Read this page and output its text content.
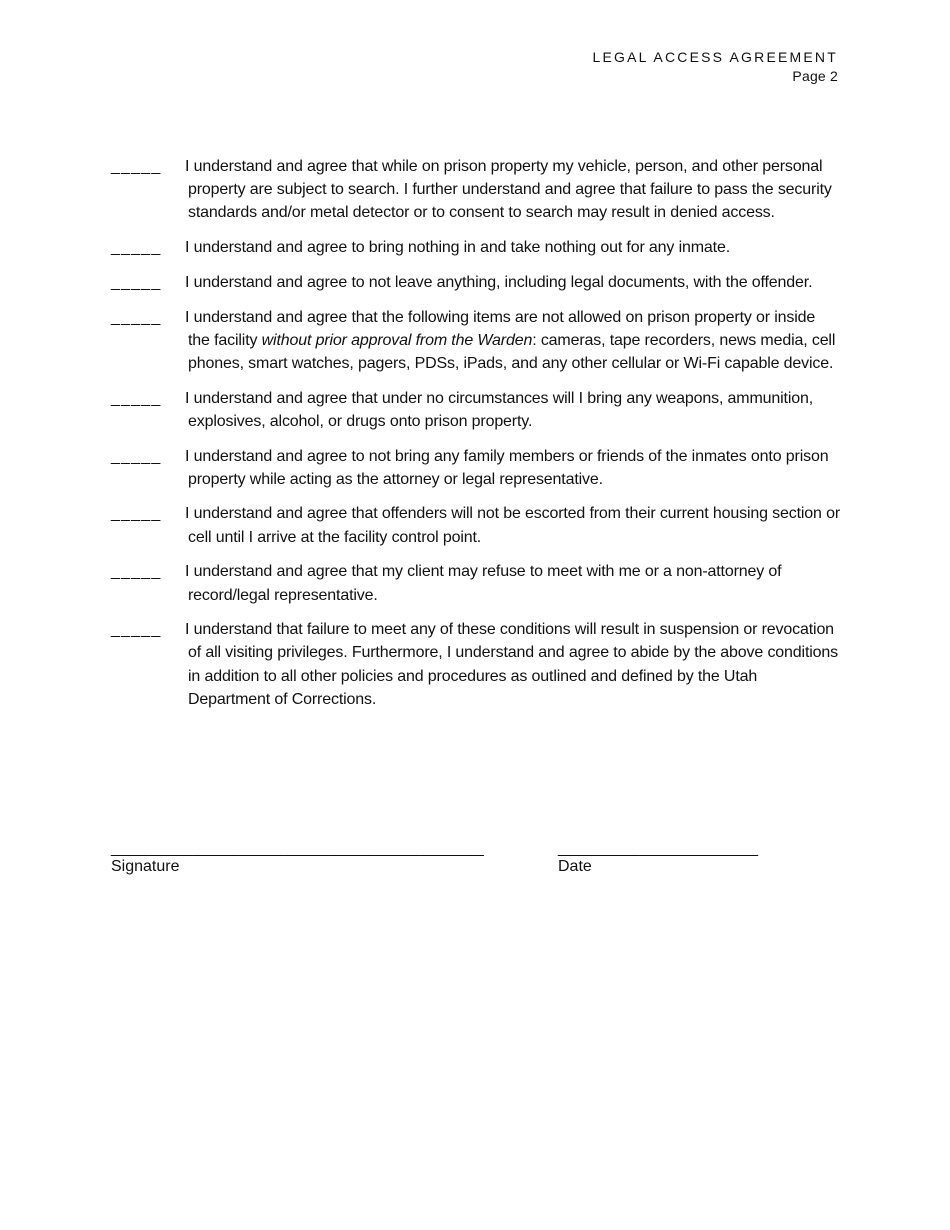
LEGAL ACCESS AGREEMENT
Page 2
_____ I understand and agree that while on prison property my vehicle, person, and other personal property are subject to search. I further understand and agree that failure to pass the security standards and/or metal detector or to consent to search may result in denied access.
_____ I understand and agree to bring nothing in and take nothing out for any inmate.
_____ I understand and agree to not leave anything, including legal documents, with the offender.
_____ I understand and agree that the following items are not allowed on prison property or inside the facility without prior approval from the Warden: cameras, tape recorders, news media, cell phones, smart watches, pagers, PDSs, iPads, and any other cellular or Wi-Fi capable device.
_____ I understand and agree that under no circumstances will I bring any weapons, ammunition, explosives, alcohol, or drugs onto prison property.
_____ I understand and agree to not bring any family members or friends of the inmates onto prison property while acting as the attorney or legal representative.
_____ I understand and agree that offenders will not be escorted from their current housing section or cell until I arrive at the facility control point.
_____ I understand and agree that my client may refuse to meet with me or a non-attorney of record/legal representative.
_____ I understand that failure to meet any of these conditions will result in suspension or revocation of all visiting privileges. Furthermore, I understand and agree to abide by the above conditions in addition to all other policies and procedures as outlined and defined by the Utah Department of Corrections.
_________________________________________
Signature
______________________
Date
